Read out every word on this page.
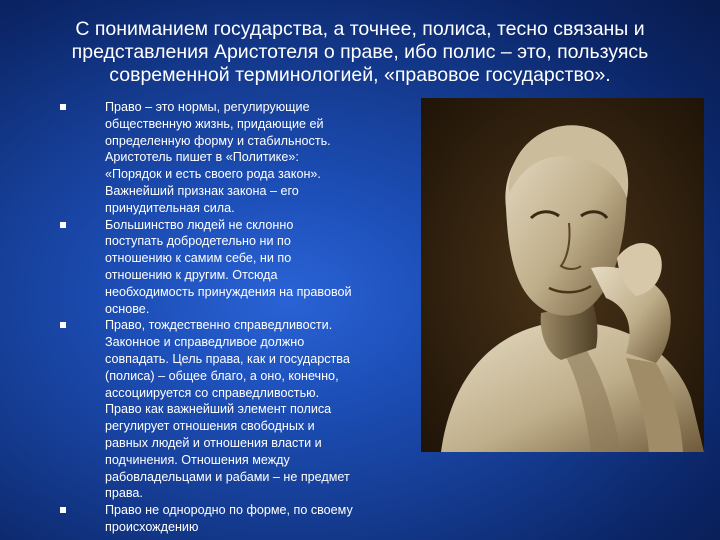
С пониманием государства, а точнее, полиса, тесно связаны и
представления Аристотеля о праве, ибо полис – это, пользуясь
современной терминологией, «правовое государство».
Право – это нормы, регулирующие
общественную жизнь, придающие ей
определенную форму и стабильность.
Аристотель пишет в «Политике»:
«Порядок и есть своего рода закон».
Важнейший признак закона – его
принудительная сила.
Большинство людей не склонно
поступать добродетельно ни по
отношению к самим себе, ни по
отношению к другим. Отсюда
необходимость принуждения на правовой
основе.
Право, тождественно справедливости.
Законное и справедливое должно
совпадать. Цель права, как и государства
(полиса) – общее благо, а оно, конечно,
ассоциируется со справедливостью.
Право как важнейший элемент полиса
регулирует отношения свободных и
равных людей и отношения власти и
подчинения. Отношения между
рабовладельцами и рабами – не предмет
права.
Право не однородно по форме, по своему
происхождению
